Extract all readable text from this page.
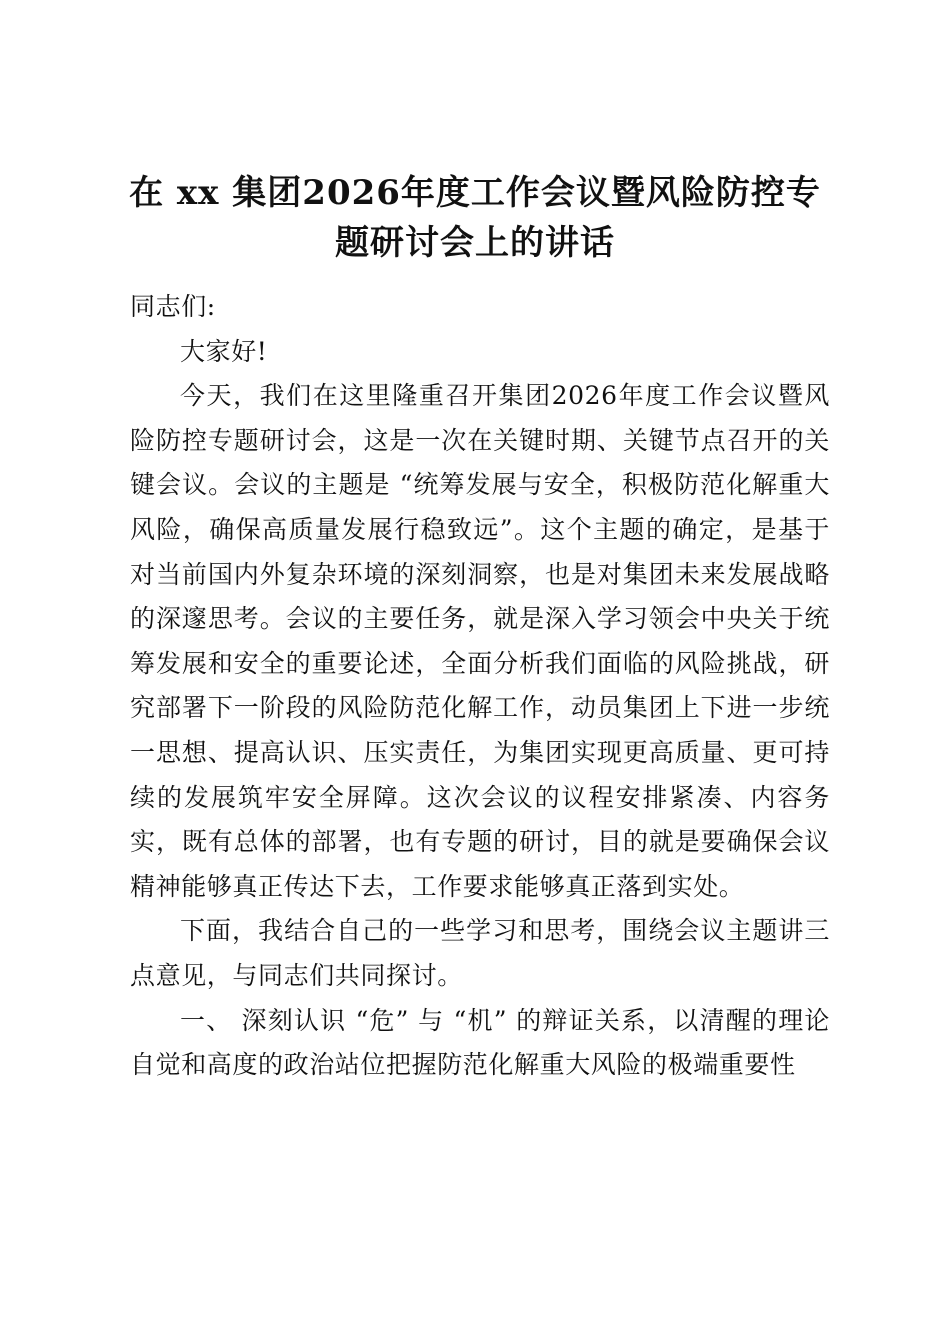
在 xx 集团2026年度工作会议暨风险防控专
题研讨会上的讲话

同志们:

大家好!

今天，我们在这里隆重召开集团2026年度工作会议暨风险防控专题研讨会，这是一次在关键时期、关键节点召开的关键会议。会议的主题是 “统筹发展与安全，积极防范化解重大风险，确保高质量发展行稳致远”。这个主题的确定，是基于对当前国内外复杂环境的深刻洞察，也是对集团未来发展战略的深邃思考。会议的主要任务，就是深入学习领会中央关于统筹发展和安全的重要论述，全面分析我们面临的风险挑战，研究部署下一阶段的风险防范化解工作，动员集团上下进一步统一思想、提高认识、压实责任，为集团实现更高质量、更可持续的发展筑牢安全屏障。这次会议的议程安排紧凑、内容务实，既有总体的部署，也有专题的研讨，目的就是要确保会议精神能够真正传达下去，工作要求能够真正落到实处。

下面，我结合自己的一些学习和思考，围绕会议主题讲三点意见，与同志们共同探讨。

一、 深刻认识 “危” 与 “机” 的辩证关系，以清醒的理论自觉和高度的政治站位把握防范化解重大风险的极端重要性
